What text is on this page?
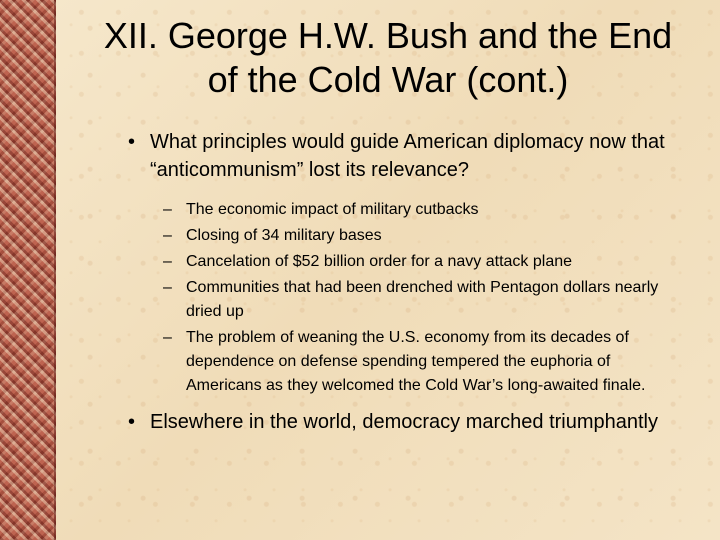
XII. George H.W. Bush and the End
of the Cold War (cont.)

• What principles would guide American diplomacy now that “anticommunism” lost its relevance?

– The economic impact of military cutbacks

– Closing of 34 military bases

– Cancelation of $52 billion order for a navy attack plane

– Communities that had been drenched with Pentagon dollars nearly dried up

– The problem of weaning the U.S. economy from its decades of dependence on defense spending tempered the euphoria of Americans as they welcomed the Cold War’s long-awaited finale.

• Elsewhere in the world, democracy marched triumphantly
